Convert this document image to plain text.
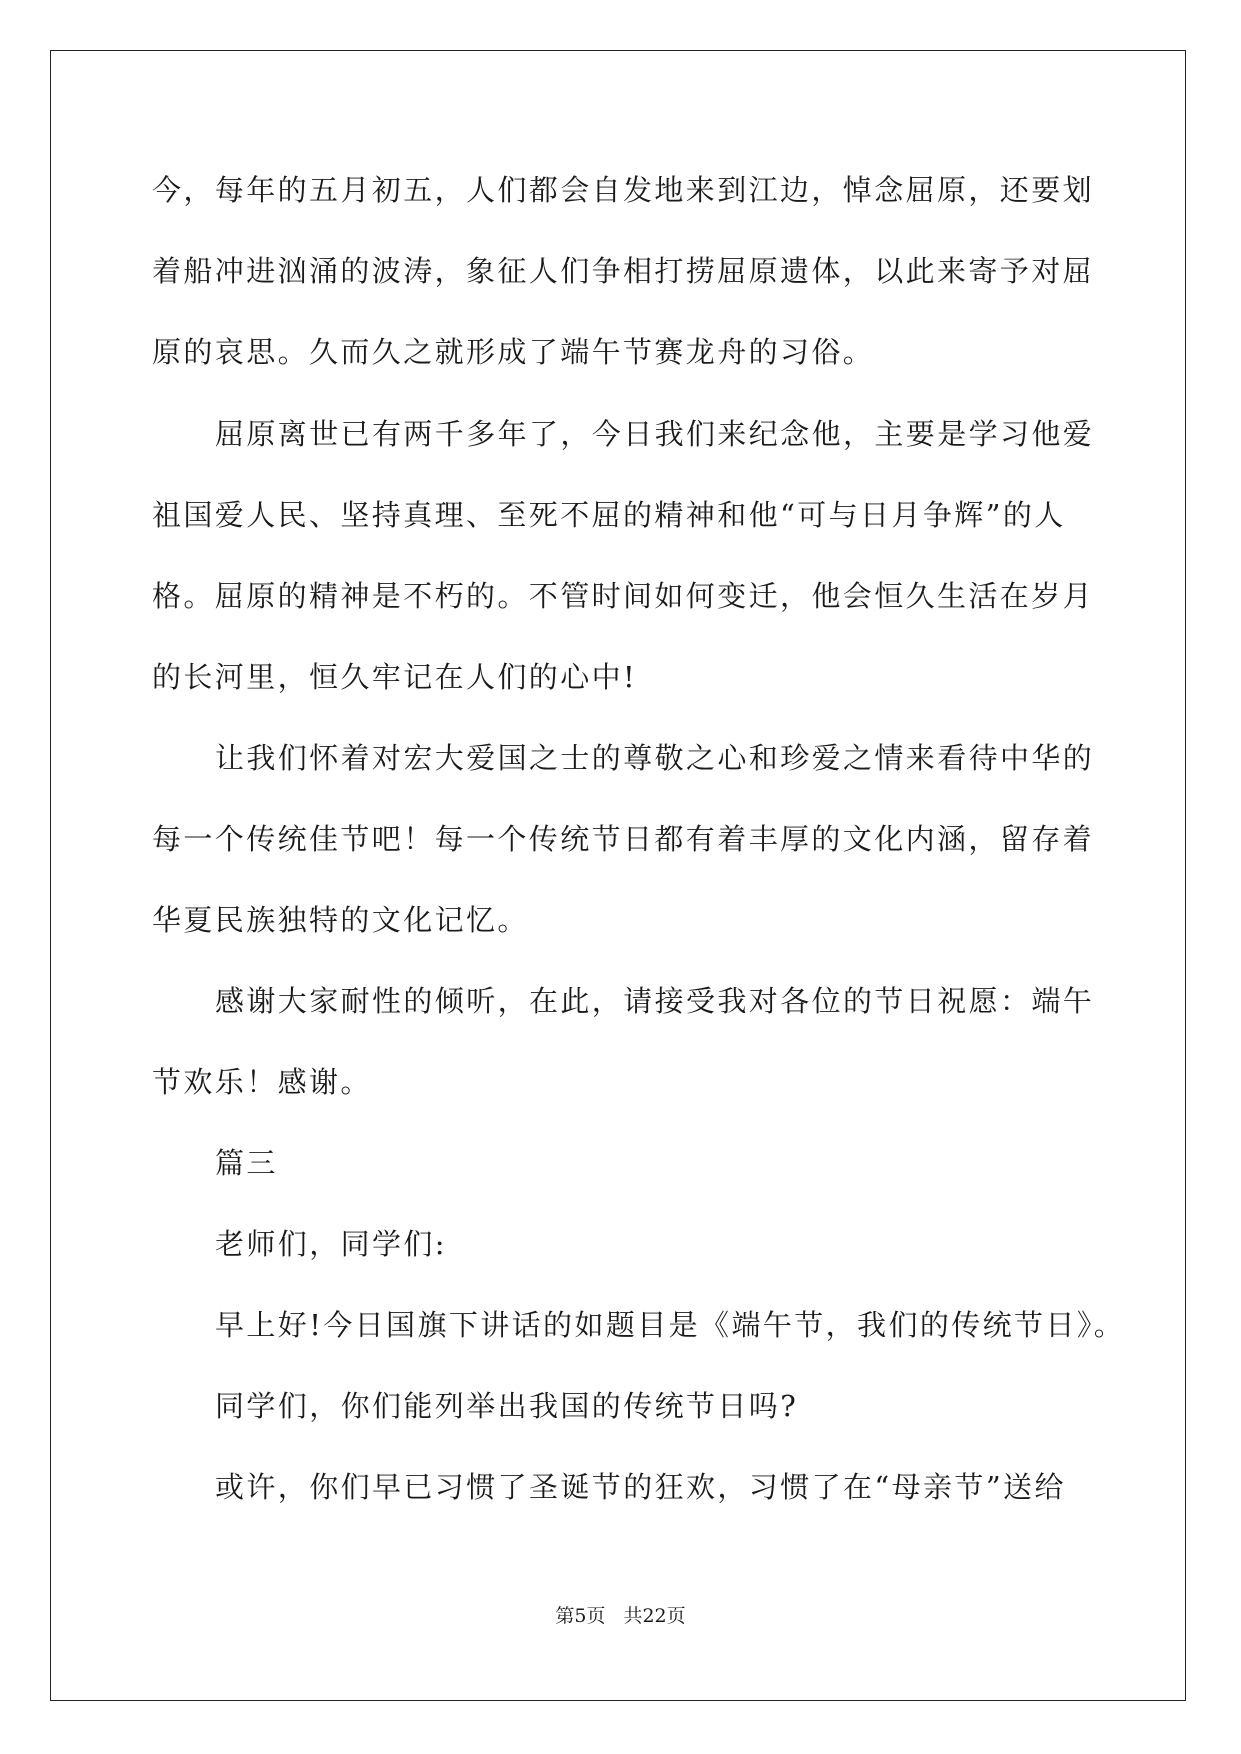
今，每年的五月初五，人们都会自发地来到江边，悼念屈原，还要划
着船冲进汹涌的波涛，象征人们争相打捞屈原遗体，以此来寄予对屈
原的哀思。久而久之就形成了端午节赛龙舟的习俗。
屈原离世已有两千多年了，今日我们来纪念他，主要是学习他爱
祖国爱人民、坚持真理、至死不屈的精神和他“可与日月争辉”的人
格。屈原的精神是不朽的。不管时间如何变迁，他会恒久生活在岁月
的长河里，恒久牢记在人们的心中!
让我们怀着对宏大爱国之士的尊敬之心和珍爱之情来看待中华的
每一个传统佳节吧！每一个传统节日都有着丰厚的文化内涵，留存着
华夏民族独特的文化记忆。
感谢大家耐性的倾听，在此，请接受我对各位的节日祝愿：端午
节欢乐！感谢。
篇三
老师们，同学们:
早上好!今日国旗下讲话的如题目是《端午节，我们的传统节日》。
同学们，你们能列举出我国的传统节日吗?
或许，你们早已习惯了圣诞节的狂欢，习惯了在“母亲节”送给
第5页 共22页
